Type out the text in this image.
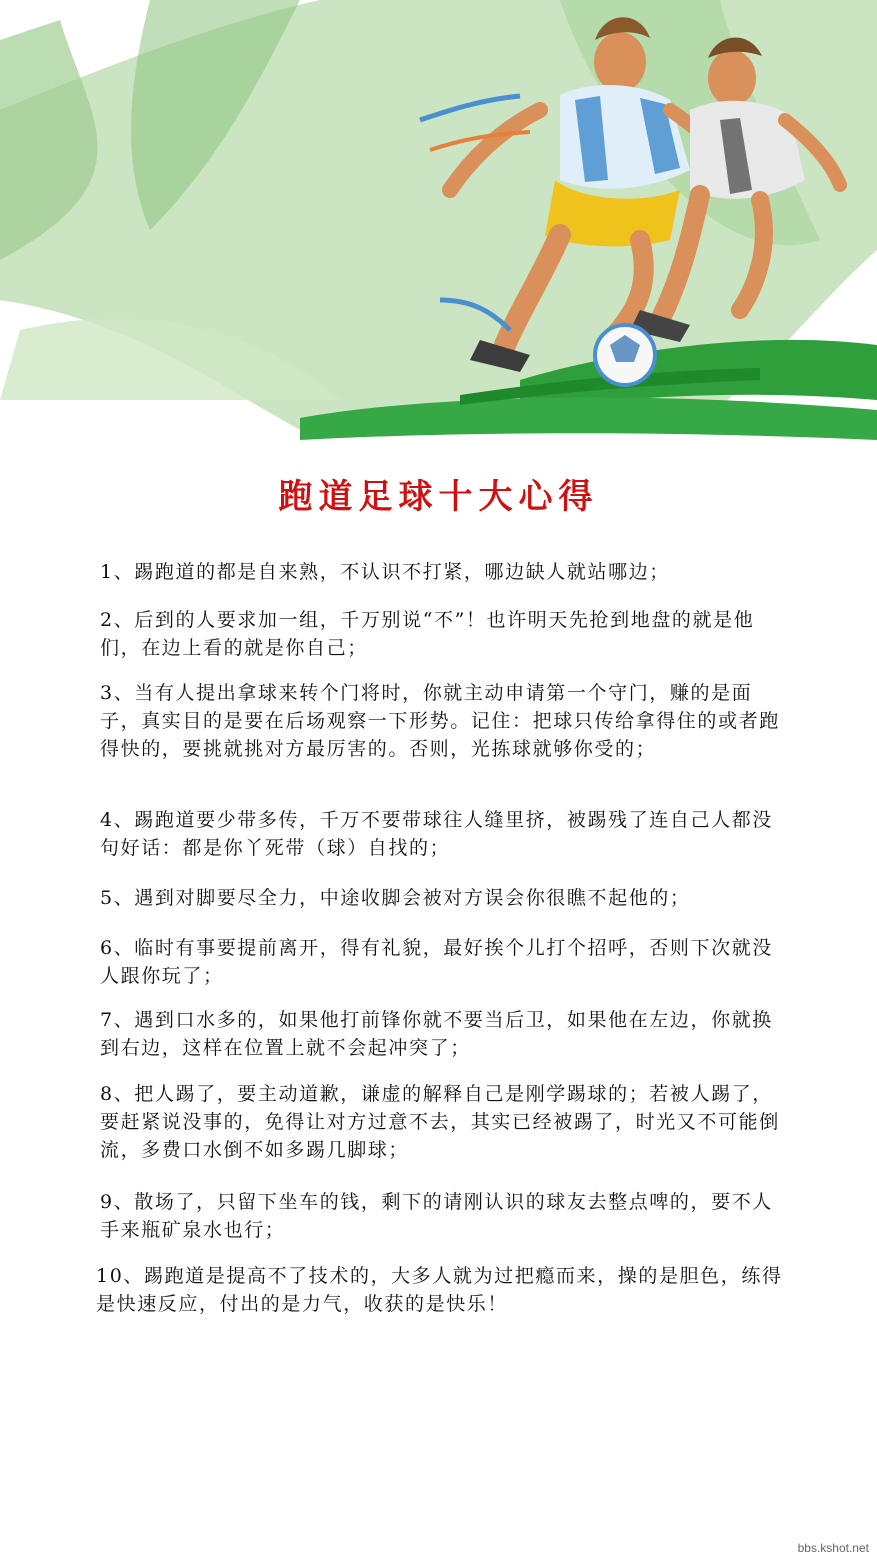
跑道足球十大心得
1、踢跑道的都是自来熟，不认识不打紧，哪边缺人就站哪边；
2、后到的人要求加一组，千万别说“不”！也许明天先抢到地盘的就是他们，在边上看的就是你自己；
3、当有人提出拿球来转个门将时，你就主动申请第一个守门，赚的是面子，真实目的是要在后场观察一下形势。记住：把球只传给拿得住的或者跑得快的，要挑就挑对方最厉害的。否则，光拣球就够你受的；
4、踢跑道要少带多传，千万不要带球往人缝里挤，被踢残了连自己人都没句好话：都是你丫死带（球）自找的；
5、遇到对脚要尽全力，中途收脚会被对方误会你很瞧不起他的；
6、临时有事要提前离开，得有礼貌，最好挨个儿打个招呼，否则下次就没人跟你玩了；
7、遇到口水多的，如果他打前锋你就不要当后卫，如果他在左边，你就换到右边，这样在位置上就不会起冲突了；
8、把人踢了，要主动道歉，谦虚的解释自己是刚学踢球的；若被人踢了，要赶紧说没事的，免得让对方过意不去，其实已经被踢了，时光又不可能倒流，多费口水倒不如多踢几脚球；
9、散场了，只留下坐车的钱，剩下的请刚认识的球友去整点啤的，要不人手来瓶矿泉水也行；
10、踢跑道是提高不了技术的，大多人就为过把瘾而来，操的是胆色，练得是快速反应，付出的是力气，收获的是快乐！
bbs.kshot.net
